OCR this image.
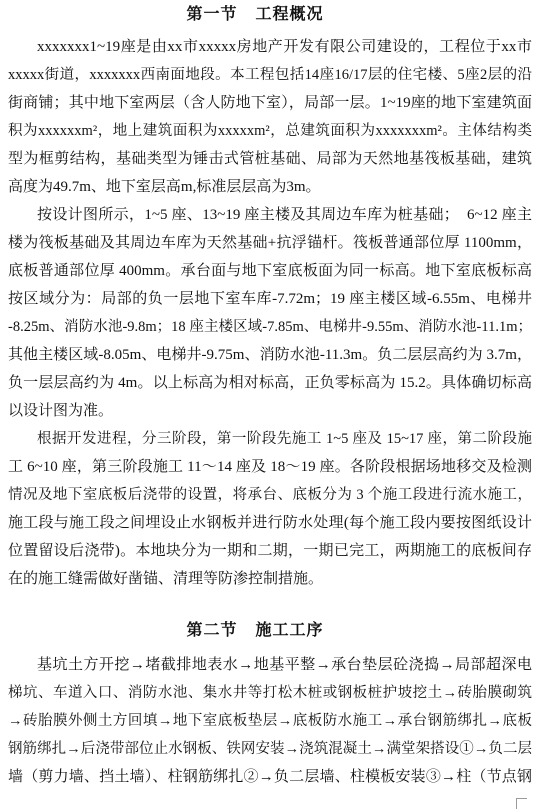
第一节 工程概况
xxxxxxx1~19座是由xx市xxxxx房地产开发有限公司建设的，工程位于xx市
xxxxx街道，xxxxxxx西南面地段。本工程包括14座16/17层的住宅楼、5座2层的沿
街商铺；其中地下室两层（含人防地下室），局部一层。1~19座的地下室建筑面
积为xxxxxxm²，地上建筑面积为xxxxxm²，总建筑面积为xxxxxxxm²。主体结构类
型为框剪结构，基础类型为锤击式管桩基础、局部为天然地基筏板基础，建筑
高度为49.7m、地下室层高m,标准层层高为3m。
按设计图所示，1~5 座、13~19 座主楼及其周边车库为桩基础；　6~12 座主
楼为筏板基础及其周边车库为天然基础+抗浮锚杆。筏板普通部位厚 1100mm，
底板普通部位厚 400mm。承台面与地下室底板面为同一标高。地下室底板标高
按区域分为：局部的负一层地下室车库-7.72m；19 座主楼区域-6.55m、电梯井
-8.25m、消防水池-9.8m；18 座主楼区域-7.85m、电梯井-9.55m、消防水池-11.1m；
其他主楼区域-8.05m、电梯井-9.75m、消防水池-11.3m。负二层层高约为 3.7m，
负一层层高约为 4m。以上标高为相对标高，正负零标高为 15.2。具体确切标高
以设计图为准。
根据开发进程，分三阶段，第一阶段先施工 1~5 座及 15~17 座，第二阶段施
工 6~10 座，第三阶段施工 11～14 座及 18～19 座。各阶段根据场地移交及检测
情况及地下室底板后浇带的设置，将承台、底板分为 3 个施工段进行流水施工，
施工段与施工段之间埋设止水钢板并进行防水处理(每个施工段内要按图纸设计
位置留设后浇带)。本地块分为一期和二期，一期已完工，两期施工的底板间存
在的施工缝需做好凿锚、清理等防渗控制措施。
第二节 施工工序
基坑土方开挖→堵截排地表水→地基平整→承台垫层砼浇捣→局部超深电
梯坑、车道入口、消防水池、集水井等打松木桩或钢板桩护坡挖土→砖胎膜砌筑
→砖胎膜外侧土方回填→地下室底板垫层→底板防水施工→承台钢筋绑扎→底板
钢筋绑扎→后浇带部位止水钢板、铁网安装→浇筑混凝土→满堂架搭设①→负二层
墙（剪力墙、挡土墙）、柱钢筋绑扎②→负二层墙、柱模板安装③→柱（节点钢
